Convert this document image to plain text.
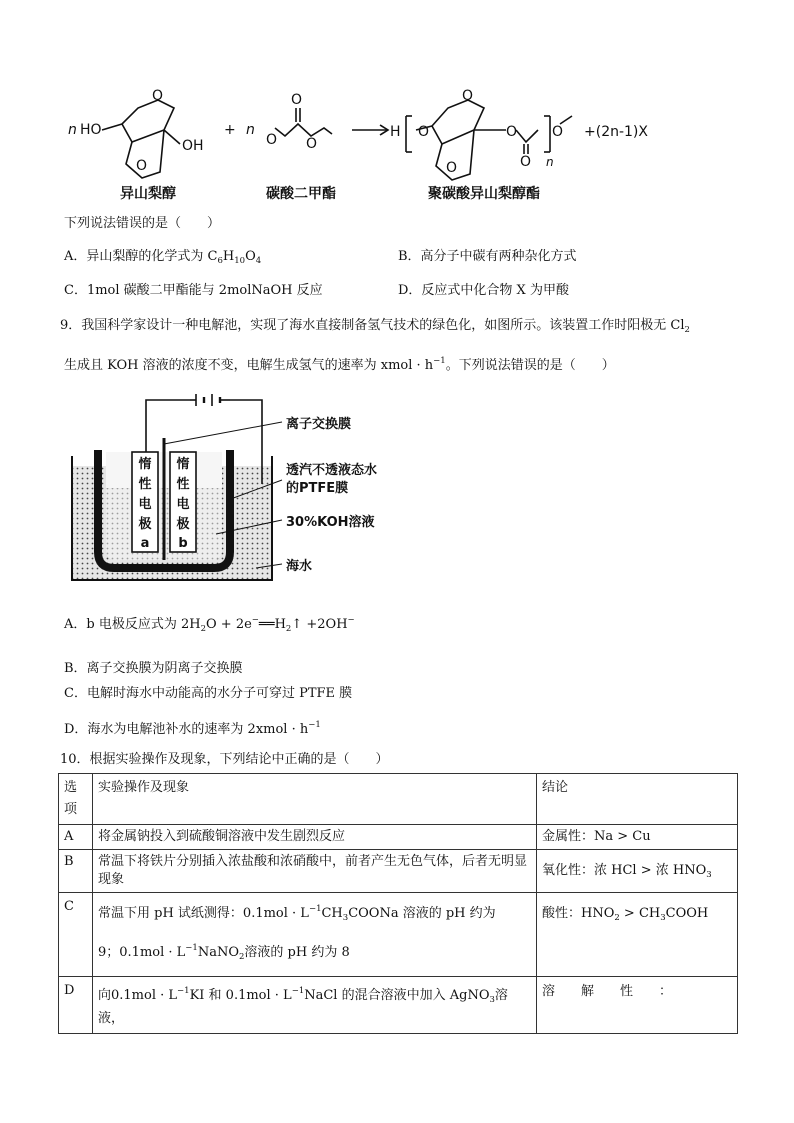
n HO
OH
O
O
+ n
O
O
O
H O
O
O
O
O
O
n
+(2n-1)X
异山梨醇	碳酸二甲酯	聚碳酸异山梨醇酯
下列说法错误的是（　　）
A．异山梨醇的化学式为 $C_6H_{10}O_4$	B．高分子中碳有两种杂化方式
C．1mol 碳酸二甲酯能与 2molNaOH 反应	D．反应式中化合物 X 为甲酸
9．我国科学家设计一种电解池，实现了海水直接制备氢气技术的绿色化，如图所示。该装置工作时阳极无 $Cl_2$
生成且 KOH 溶液的浓度不变，电解生成氢气的速率为 xmol · $h^{-1}$。下列说法错误的是（　　）
离子交换膜
透汽不透液态水
的PTFE膜
30%KOH溶液
海水
惰
性
电
极
a
惰
性
电
极
b
A．b 电极反应式为 $2H_2O$ + $2e^-══H_2↑ +2OH^-$
B．离子交换膜为阴离子交换膜
C．电解时海水中动能高的水分子可穿过 PTFE 膜
D．海水为电解池补水的速率为 2xmol · $h^{-1}$
10．根据实验操作及现象，下列结论中正确的是（　　）
选项	实验操作及现象	结论
A	将金属钠投入到硫酸铜溶液中发生剧烈反应	金属性：Na > Cu
B	常温下将铁片分别插入浓盐酸和浓硝酸中，前者产生无色气体，后者无明显现象	氧化性：浓 HCl > 浓 $HNO_3$
C	常温下用 pH 试纸测得：$0.1mol \cdot L^{-1}CH_3COONa$ 溶液的 pH 约为
9；$0.1mol \cdot L^{-1}NaNO_2$溶液的 pH 约为 8	酸性：$HNO_2$ > $CH_3COOH$
D	向$0.1mol \cdot L^{-1}KI$ 和 $0.1mol \cdot L^{-1}NaCl$ 的混合溶液中加入 AgNO$_3$溶液，	溶　　解　　性　　：
